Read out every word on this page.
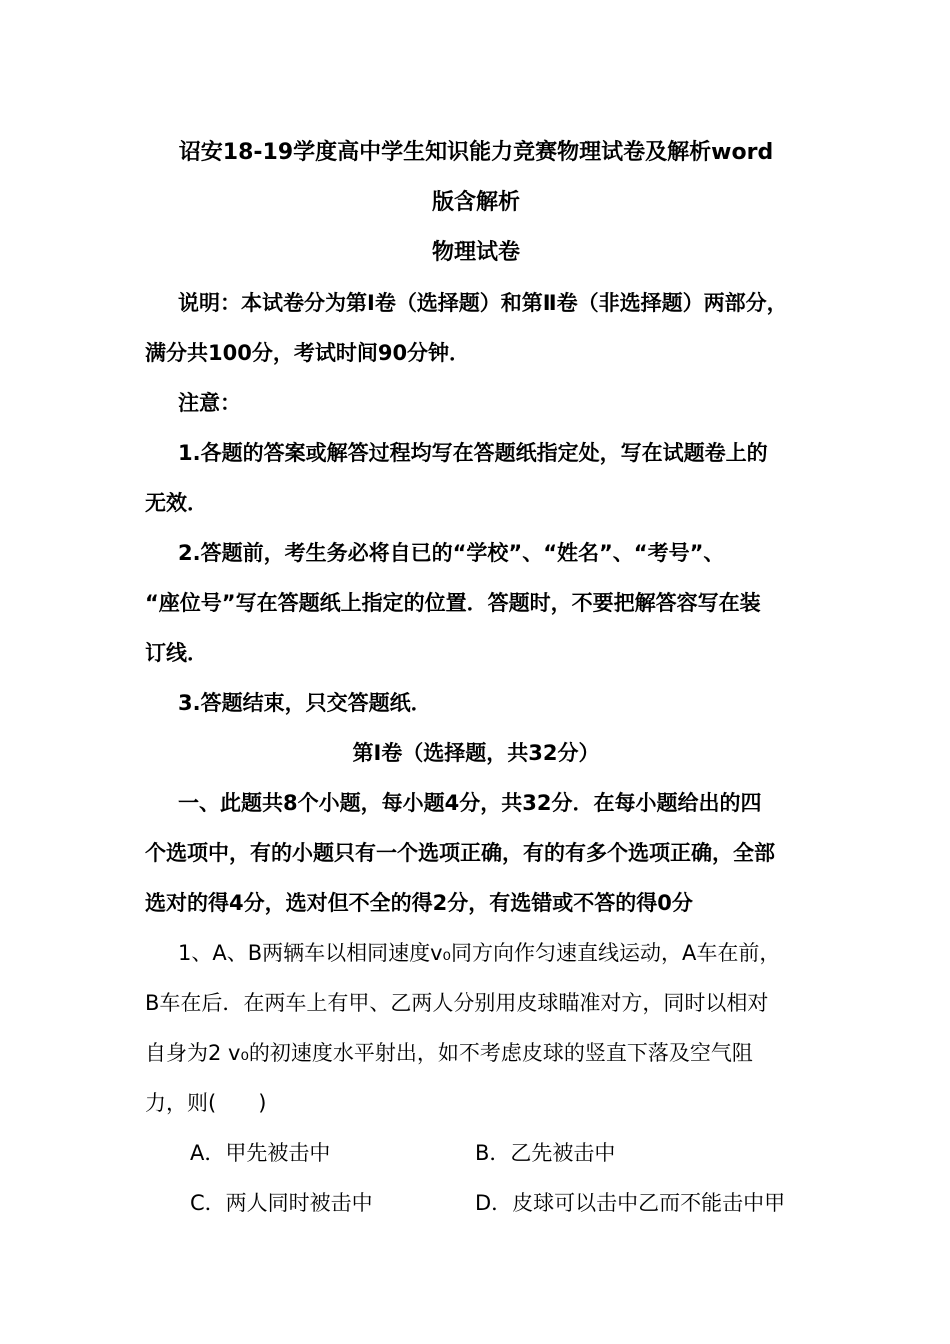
诏安18-19学度高中学生知识能力竞赛物理试卷及解析word
版含解析
物理试卷
说明：本试卷分为第Ⅰ卷（选择题）和第Ⅱ卷（非选择题）两部分，
满分共100分，考试时间90分钟．
注意：
1.各题的答案或解答过程均写在答题纸指定处，写在试题卷上的
无效．
2.答题前，考生务必将自已的“学校”、“姓名”、“考号”、
“座位号”写在答题纸上指定的位置．答题时，不要把解答容写在装
订线．
3.答题结束，只交答题纸．
第Ⅰ卷（选择题，共32分）
一、此题共8个小题，每小题4分，共32分．在每小题给出的四
个选项中，有的小题只有一个选项正确，有的有多个选项正确，全部
选对的得4分，选对但不全的得2分，有选错或不答的得0分
1、A、B两辆车以相同速度v₀同方向作匀速直线运动，A车在前，
B车在后．在两车上有甲、乙两人分别用皮球瞄准对方，同时以相对
自身为2 v₀的初速度水平射出，如不考虑皮球的竖直下落及空气阻
力，则(　　)
A．甲先被击中	B．乙先被击中
C．两人同时被击中	D．皮球可以击中乙而不能击中甲
